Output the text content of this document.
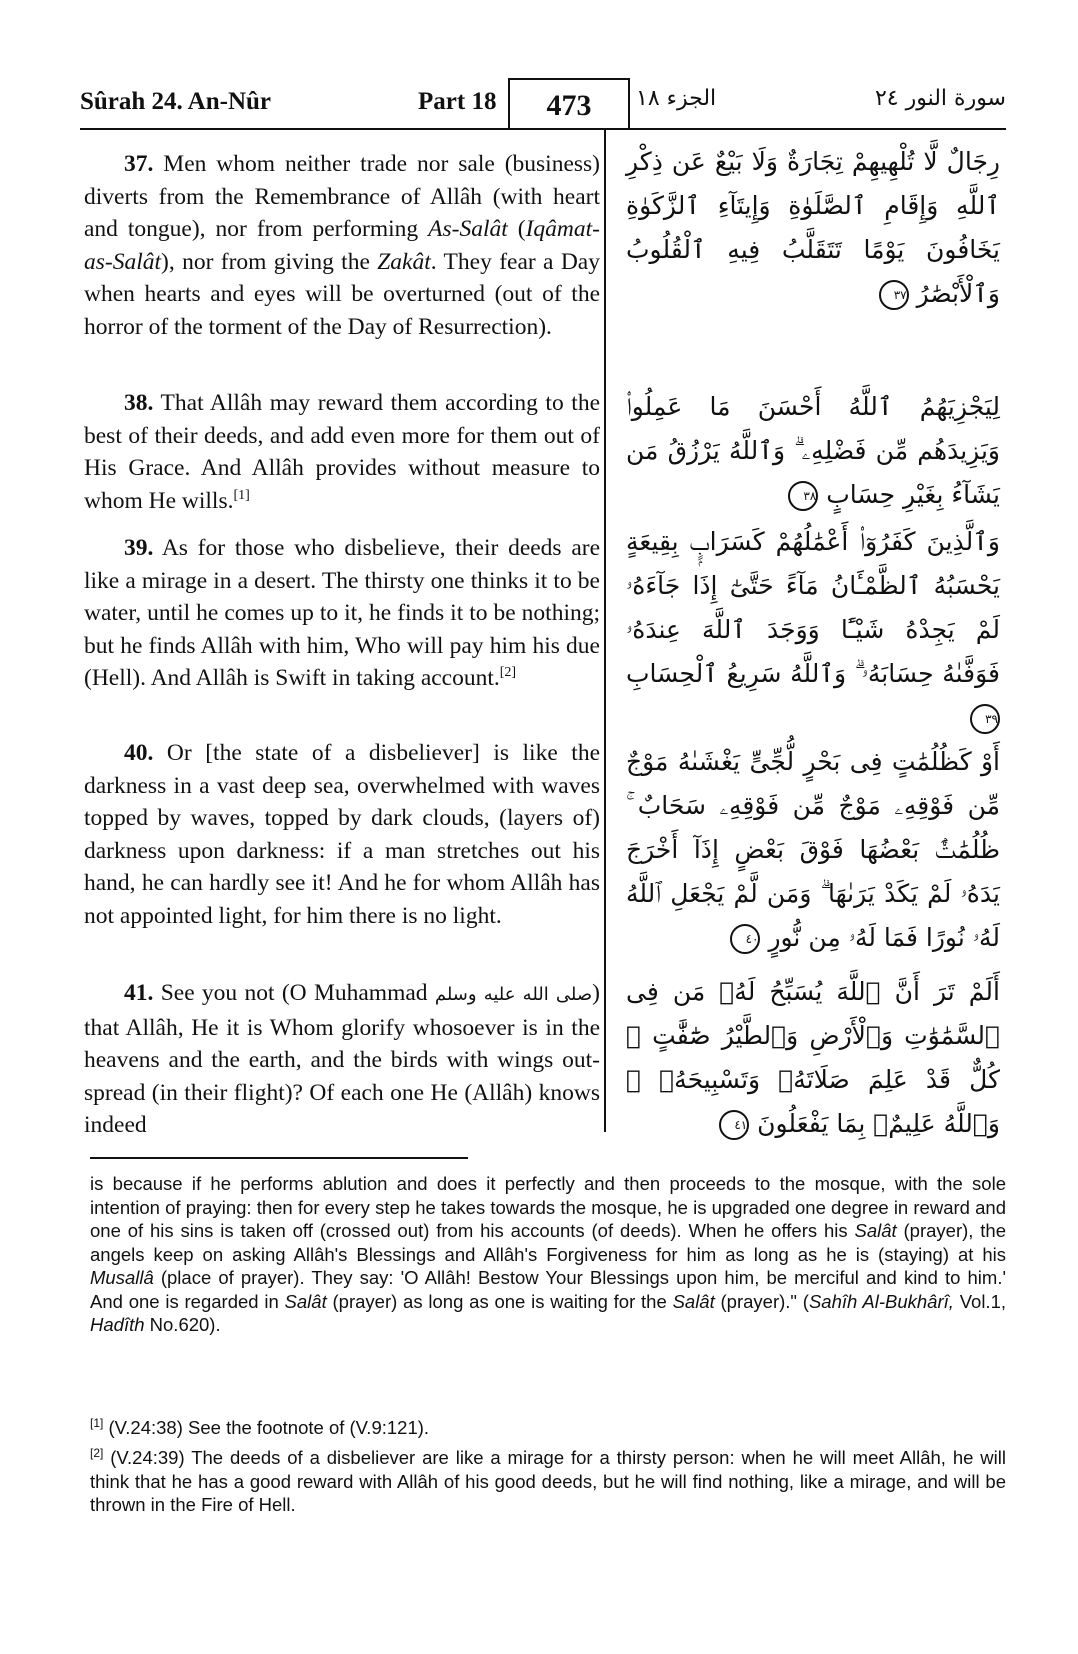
Sûrah 24. An-Nûr	Part 18	473	الجزء ١٨	سورة النور ٢٤
37. Men whom neither trade nor sale (business) diverts from the Remembrance of Allâh (with heart and tongue), nor from performing As-Salât (Iqâmat-as-Salât), nor from giving the Zakât. They fear a Day when hearts and eyes will be overturned (out of the horror of the torment of the Day of Resurrection).
رِجَالٌ لَّا تُلْهِيهِمْ تِجَارَةٌ وَلَا بَيْعٌ عَن ذِكْرِ ٱللَّهِ وَإِقَامِ ٱلصَّلَوٰةِ وَإِيتَآءِ ٱلزَّكَوٰةِ يَخَافُونَ يَوْمًا تَتَقَلَّبُ فِيهِ ٱلْقُلُوبُ وَٱلْأَبْصَٰرُ ٣٧
38. That Allâh may reward them according to the best of their deeds, and add even more for them out of His Grace. And Allâh provides without measure to whom He wills.[1]
لِيَجْزِيَهُمُ ٱللَّهُ أَحْسَنَ مَا عَمِلُوا۟ وَيَزِيدَهُم مِّن فَضْلِهِۦ ۗ وَٱللَّهُ يَرْزُقُ مَن يَشَآءُ بِغَيْرِ حِسَابٍ ٣٨
39. As for those who disbelieve, their deeds are like a mirage in a desert. The thirsty one thinks it to be water, until he comes up to it, he finds it to be nothing; but he finds Allâh with him, Who will pay him his due (Hell). And Allâh is Swift in taking account.[2]
وَٱلَّذِينَ كَفَرُوٓا۟ أَعْمَٰلُهُمْ كَسَرَابٍۭ بِقِيعَةٍ يَحْسَبُهُ ٱلظَّمْـَٔانُ مَآءً حَتَّىٰٓ إِذَا جَآءَهُۥ لَمْ يَجِدْهُ شَيْـًٔا وَوَجَدَ ٱللَّهَ عِندَهُۥ فَوَفَّىٰهُ حِسَابَهُۥ ۗ وَٱللَّهُ سَرِيعُ ٱلْحِسَابِ ٣٩
40. Or [the state of a disbeliever] is like the darkness in a vast deep sea, overwhelmed with waves topped by waves, topped by dark clouds, (layers of) darkness upon darkness: if a man stretches out his hand, he can hardly see it! And he for whom Allâh has not appointed light, for him there is no light.
أَوْ كَظُلُمَٰتٍ فِى بَحْرٍ لُّجِّىٍّ يَغْشَىٰهُ مَوْجٌ مِّن فَوْقِهِۦ مَوْجٌ مِّن فَوْقِهِۦ سَحَابٌ ۚ ظُلُمَٰتٌۢ بَعْضُهَا فَوْقَ بَعْضٍ إِذَآ أَخْرَجَ يَدَهُۥ لَمْ يَكَدْ يَرَىٰهَا ۗ وَمَن لَّمْ يَجْعَلِ ٱللَّهُ لَهُۥ نُورًا فَمَا لَهُۥ مِن نُّورٍ ٤٠
41. See you not (O Muhammad صلى الله عليه وسلم) that Allâh, He it is Whom glorify whosoever is in the heavens and the earth, and the birds with wings out-spread (in their flight)? Of each one He (Allâh) knows indeed
أَلَمْ تَرَ أَنَّ ٱللَّهَ يُسَبِّحُ لَهُۥ مَن فِى ٱلسَّمَٰوَٰتِ وَٱلْأَرْضِ وَٱلطَّيْرُ صَٰٓفَّٰتٍ ۖ كُلٌّ قَدْ عَلِمَ صَلَاتَهُۥ وَتَسْبِيحَهُۥ ۗ وَٱللَّهُ عَلِيمٌۢ بِمَا يَفْعَلُونَ ٤١
is because if he performs ablution and does it perfectly and then proceeds to the mosque, with the sole intention of praying: then for every step he takes towards the mosque, he is upgraded one degree in reward and one of his sins is taken off (crossed out) from his accounts (of deeds). When he offers his Salât (prayer), the angels keep on asking Allâh's Blessings and Allâh's Forgiveness for him as long as he is (staying) at his Musallâ (place of prayer). They say: 'O Allâh! Bestow Your Blessings upon him, be merciful and kind to him.' And one is regarded in Salât (prayer) as long as one is waiting for the Salât (prayer)." (Sahîh Al-Bukhârî, Vol.1, Hadîth No.620).
[1] (V.24:38) See the footnote of (V.9:121).
[2] (V.24:39) The deeds of a disbeliever are like a mirage for a thirsty person: when he will meet Allâh, he will think that he has a good reward with Allâh of his good deeds, but he will find nothing, like a mirage, and will be thrown in the Fire of Hell.
